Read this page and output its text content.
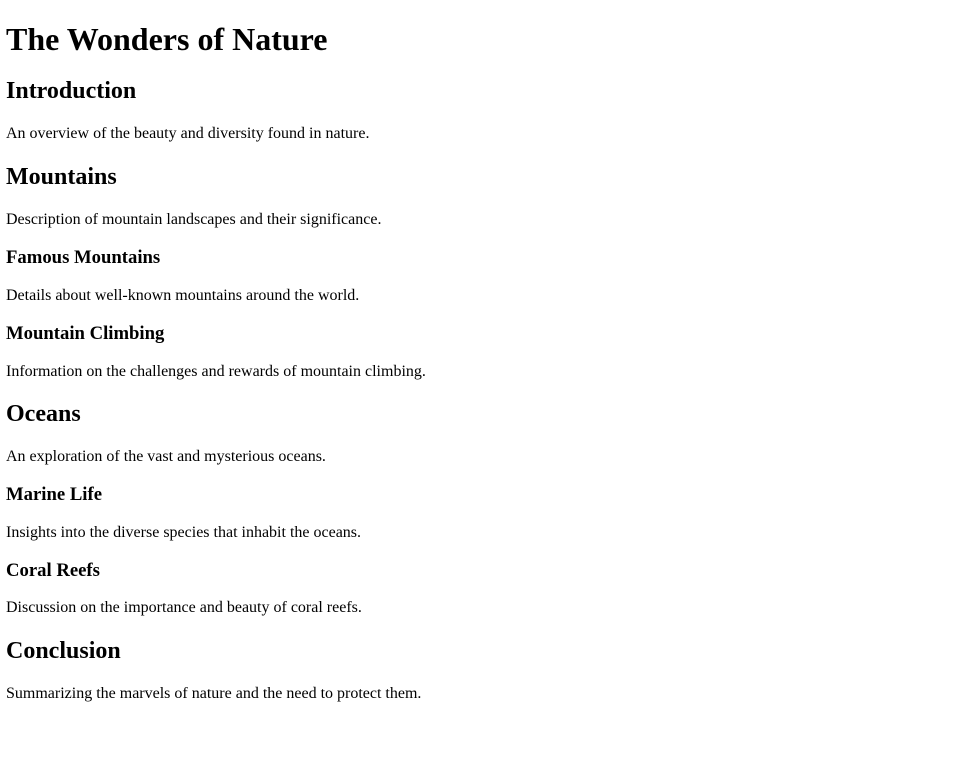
The Wonders of Nature
Introduction

An overview of the beauty and diversity found in nature.

Mountains

Description of mountain landscapes and their significance.

Famous Mountains

Details about well-known mountains around the world.

Mountain Climbing

Information on the challenges and rewards of mountain climbing.

Oceans

An exploration of the vast and mysterious oceans.

Marine Life

Insights into the diverse species that inhabit the oceans.

Coral Reefs

Discussion on the importance and beauty of coral reefs.

Conclusion

Summarizing the marvels of nature and the need to protect them.
